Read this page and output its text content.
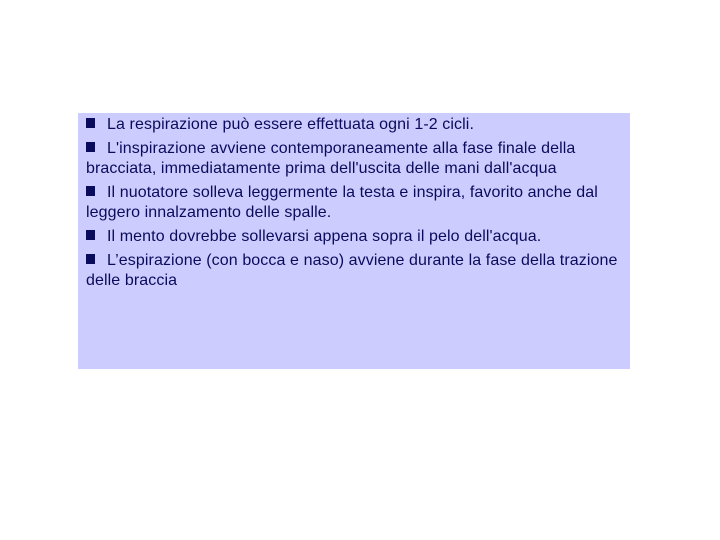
La respirazione può essere effettuata ogni 1‑2 cicli.
L'inspirazione avviene contemporaneamente alla fase finale della bracciata, immediatamente prima dell'uscita delle mani dall'acqua
Il nuotatore solleva leggermente la testa e inspira, favorito anche dal leggero innalzamento delle spalle.
Il mento dovrebbe sollevarsi appena sopra il pelo dell'acqua.
L’espirazione (con bocca e naso) avviene durante la fase della trazione delle braccia
